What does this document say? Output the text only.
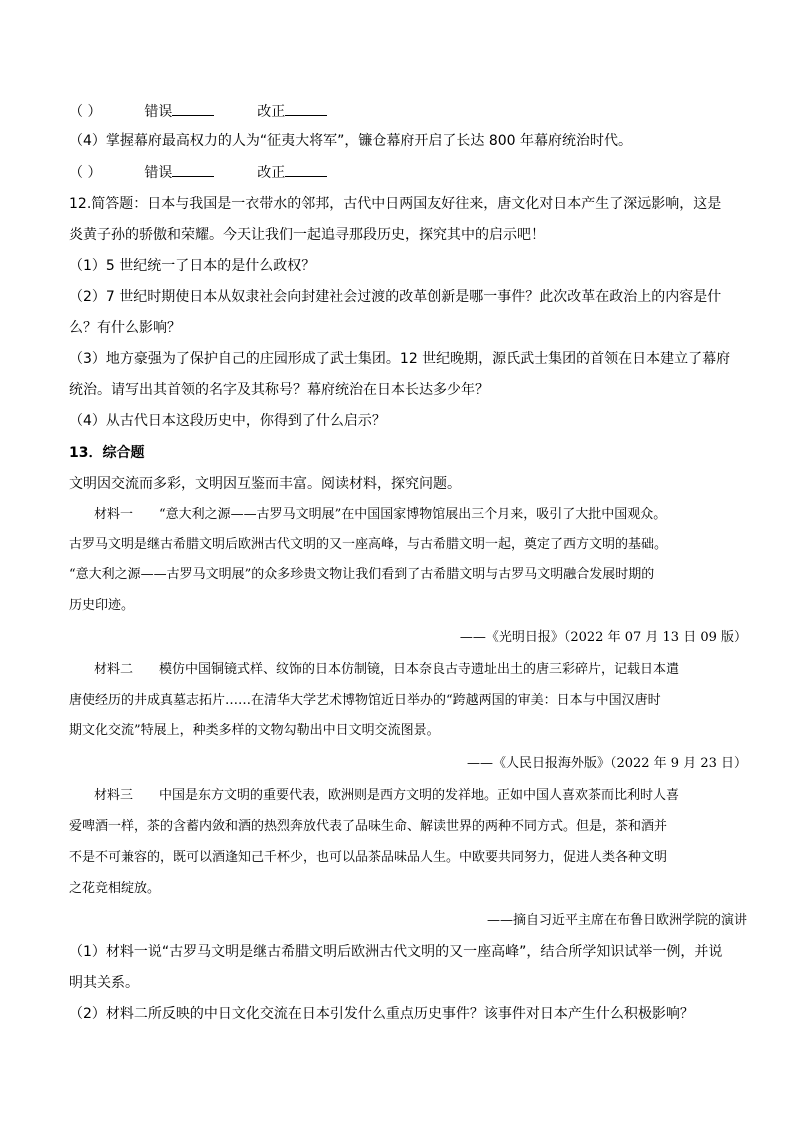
（ ）	错误	改正
（4）掌握幕府最高权力的人为“征夷大将军”，镰仓幕府开启了长达 800 年幕府统治时代。
（ ）	错误	改正
12.简答题：日本与我国是一衣带水的邻邦，古代中日两国友好往来，唐文化对日本产生了深远影响，这是
炎黄子孙的骄傲和荣耀。今天让我们一起追寻那段历史，探究其中的启示吧！
（1）5 世纪统一了日本的是什么政权？
（2）7 世纪时期使日本从奴隶社会向封建社会过渡的改革创新是哪一事件？此次改革在政治上的内容是什
么？有什么影响？
（3）地方豪强为了保护自己的庄园形成了武士集团。12 世纪晚期，源氏武士集团的首领在日本建立了幕府
统治。请写出其首领的名字及其称号？幕府统治在日本长达多少年？
（4）从古代日本这段历史中，你得到了什么启示？
13．综合题
文明因交流而多彩，文明因互鉴而丰富。阅读材料，探究问题。
材料一　　“意大利之源——古罗马文明展”在中国国家博物馆展出三个月来，吸引了大批中国观众。
古罗马文明是继古希腊文明后欧洲古代文明的又一座高峰，与古希腊文明一起，奠定了西方文明的基础。
“意大利之源——古罗马文明展”的众多珍贵文物让我们看到了古希腊文明与古罗马文明融合发展时期的
历史印迹。
——《光明日报》（2022 年 07 月 13 日 09 版）
材料二　　模仿中国铜镜式样、纹饰的日本仿制镜，日本奈良古寺遗址出土的唐三彩碎片，记载日本遣
唐使经历的井成真墓志拓片……在清华大学艺术博物馆近日举办的“跨越两国的审美：日本与中国汉唐时
期文化交流”特展上，种类多样的文物勾勒出中日文明交流图景。
——《人民日报海外版》（2022 年 9 月 23 日）
材料三　　中国是东方文明的重要代表，欧洲则是西方文明的发祥地。正如中国人喜欢茶而比利时人喜
爱啤酒一样，茶的含蓄内敛和酒的热烈奔放代表了品味生命、解读世界的两种不同方式。但是，茶和酒并
不是不可兼容的，既可以酒逢知己千杯少，也可以品茶品味品人生。中欧要共同努力，促进人类各种文明
之花竞相绽放。
——摘自习近平主席在布鲁日欧洲学院的演讲
（1）材料一说“古罗马文明是继古希腊文明后欧洲古代文明的又一座高峰”，结合所学知识试举一例，并说
明其关系。
（2）材料二所反映的中日文化交流在日本引发什么重点历史事件？该事件对日本产生什么积极影响？
